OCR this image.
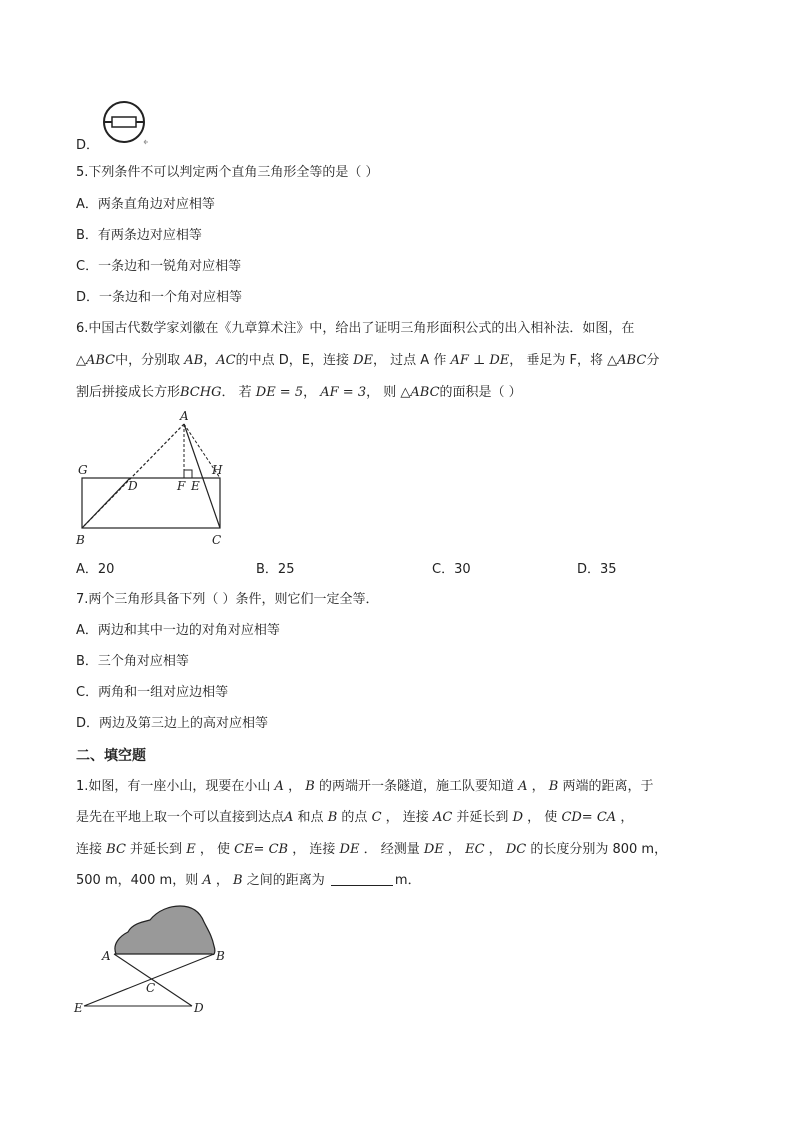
D．
5.下列条件不可以判定两个直角三角形全等的是（ ）
A．两条直角边对应相等
B．有两条边对应相等
C．一条边和一锐角对应相等
D．一条边和一个角对应相等
6.中国古代数学家刘徽在《九章算术注》中，给出了证明三角形面积公式的出入相补法．如图，在
△ABC中，分别取 AB，AC的中点 D，E，连接 DE， 过点 A 作 AF ⊥ DE， 垂足为 F，将 △ABC分
割后拼接成长方形BCHG． 若 DE = 5， AF = 3， 则 △ABC的面积是（ ）
A
G	H
D	F E
B	C
A．20	B．25	C．30	D．35
7.两个三角形具备下列（ ）条件，则它们一定全等．
A．两边和其中一边的对角对应相等
B．三个角对应相等
C．两角和一组对应边相等
D．两边及第三边上的高对应相等
二、填空题
1.如图，有一座小山，现要在小山 A ， B 的两端开一条隧道，施工队要知道 A ， B 两端的距离，于
是先在平地上取一个可以直接到达点A 和点 B 的点 C ， 连接 AC 并延长到 D ， 使 CD= CA ，
连接 BC 并延长到 E ， 使 CE= CB ， 连接 DE ． 经测量 DE ， EC ， DC 的长度分别为 800 m，
500 m，400 m，则 A ， B 之间的距离为	m．
A	B
C
E	D
